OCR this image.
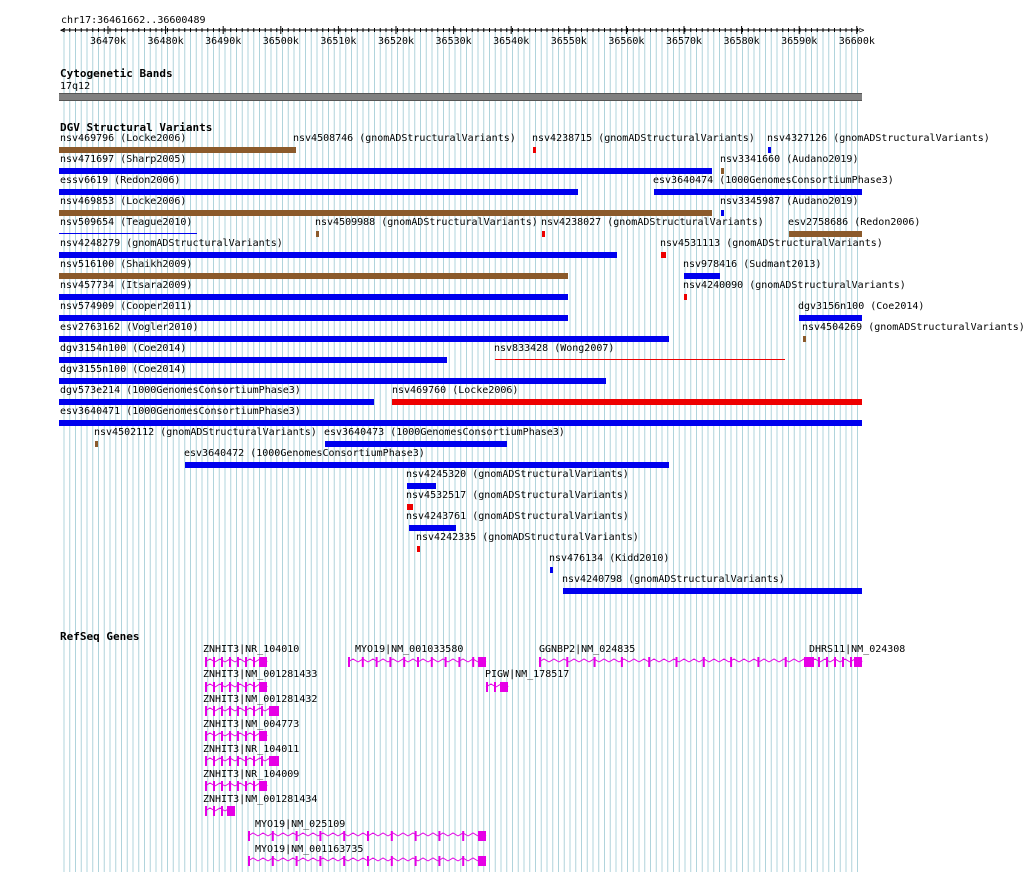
chr17:36461662..36600489
36470k 36480k 36490k 36500k 36510k 36520k 36530k 36540k 36550k 36560k 36570k 36580k 36590k 36600k
<	>
Cytogenetic Bands
17q12
DGV Structural Variants
nsv469796 (Locke2006)	nsv4508746 (gnomADStructuralVariants) nsv4238715 (gnomADStructuralVariants) nsv4327126 (gnomADStructuralVariants)
nsv471697 (Sharp2005)	nsv3341660 (Audano2019)
essv6619 (Redon2006)	esv3640474 (1000GenomesConsortiumPhase3)
nsv469853 (Locke2006)	nsv3345987 (Audano2019)
nsv509654 (Teague2010)	nsv4509988 (gnomADStructuralVariants) nsv4238027 (gnomADStructuralVariants) esv2758686 (Redon2006)
nsv4248279 (gnomADStructuralVariants)	nsv4531113 (gnomADStructuralVariants)
nsv516100 (Shaikh2009)	nsv978416 (Sudmant2013)
nsv457734 (Itsara2009)	nsv4240090 (gnomADStructuralVariants)
nsv574909 (Cooper2011)	dgv3156n100 (Coe2014)
esv2763162 (Vogler2010)	nsv4504269 (gnomADStructuralVariants)
dgv3154n100 (Coe2014)	nsv833428 (Wong2007)
dgv3155n100 (Coe2014)
dgv573e214 (1000GenomesConsortiumPhase3)	nsv469760 (Locke2006)
esv3640471 (1000GenomesConsortiumPhase3)
nsv4502112 (gnomADStructuralVariants) esv3640473 (1000GenomesConsortiumPhase3)
esv3640472 (1000GenomesConsortiumPhase3)
nsv4245320 (gnomADStructuralVariants)
nsv4532517 (gnomADStructuralVariants)
nsv4243761 (gnomADStructuralVariants)
nsv4242335 (gnomADStructuralVariants)
nsv476134 (Kidd2010)
nsv4240798 (gnomADStructuralVariants)
RefSeq Genes
ZNHIT3|NR_104010	MYO19|NM_001033580	GGNBP2|NM_024835	DHRS11|NM_024308
ZNHIT3|NM_001281433	PIGW|NM_178517
ZNHIT3|NM_001281432
ZNHIT3|NM_004773
ZNHIT3|NR_104011
ZNHIT3|NR_104009
ZNHIT3|NM_001281434
MYO19|NM_025109
MYO19|NM_001163735
